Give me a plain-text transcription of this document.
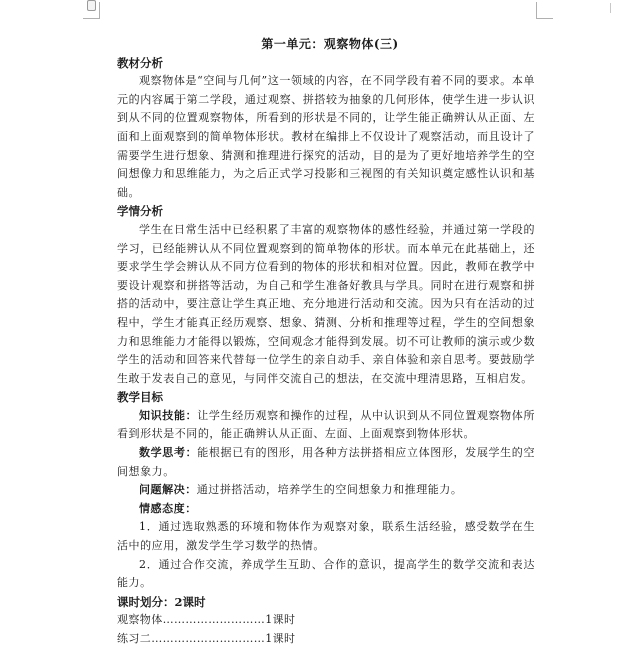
第一单元：观察物体(三)
教材分析
观察物体是“空间与几何”这一领域的内容，在不同学段有着不同的要求。本单元的内容属于第二学段，通过观察、拼搭较为抽象的几何形体，使学生进一步认识到从不同的位置观察物体，所看到的形状是不同的，让学生能正确辨认从正面、左面和上面观察到的简单物体形状。教材在编排上不仅设计了观察活动，而且设计了需要学生进行想象、猜测和推理进行探究的活动，目的是为了更好地培养学生的空间想像力和思维能力，为之后正式学习投影和三视图的有关知识奠定感性认识和基础。
学情分析
学生在日常生活中已经积累了丰富的观察物体的感性经验，并通过第一学段的学习，已经能辨认从不同位置观察到的简单物体的形状。而本单元在此基础上，还要求学生学会辨认从不同方位看到的物体的形状和相对位置。因此，教师在教学中要设计观察和拼搭等活动，为自己和学生准备好教具与学具。同时在进行观察和拼搭的活动中，要注意让学生真正地、充分地进行活动和交流。因为只有在活动的过程中，学生才能真正经历观察、想象、猜测、分析和推理等过程，学生的空间想象力和思维能力才能得以锻炼，空间观念才能得到发展。切不可让教师的演示或少数学生的活动和回答来代替每一位学生的亲自动手、亲自体验和亲自思考。要鼓励学生敢于发表自己的意见，与同伴交流自己的想法，在交流中理清思路，互相启发。
教学目标
知识技能：让学生经历观察和操作的过程，从中认识到从不同位置观察物体所看到形状是不同的，能正确辨认从正面、左面、上面观察到物体形状。
数学思考：能根据已有的图形，用各种方法拼搭相应立体图形，发展学生的空间想象力。
问题解决：通过拼搭活动，培养学生的空间想象力和推理能力。
情感态度：
1．通过选取熟悉的环境和物体作为观察对象，联系生活经验，感受数学在生活中的应用，激发学生学习数学的热情。
2．通过合作交流，养成学生互助、合作的意识，提高学生的数学交流和表达能力。
课时划分：2课时
观察物体………………………1课时
练习二…………………………1课时
